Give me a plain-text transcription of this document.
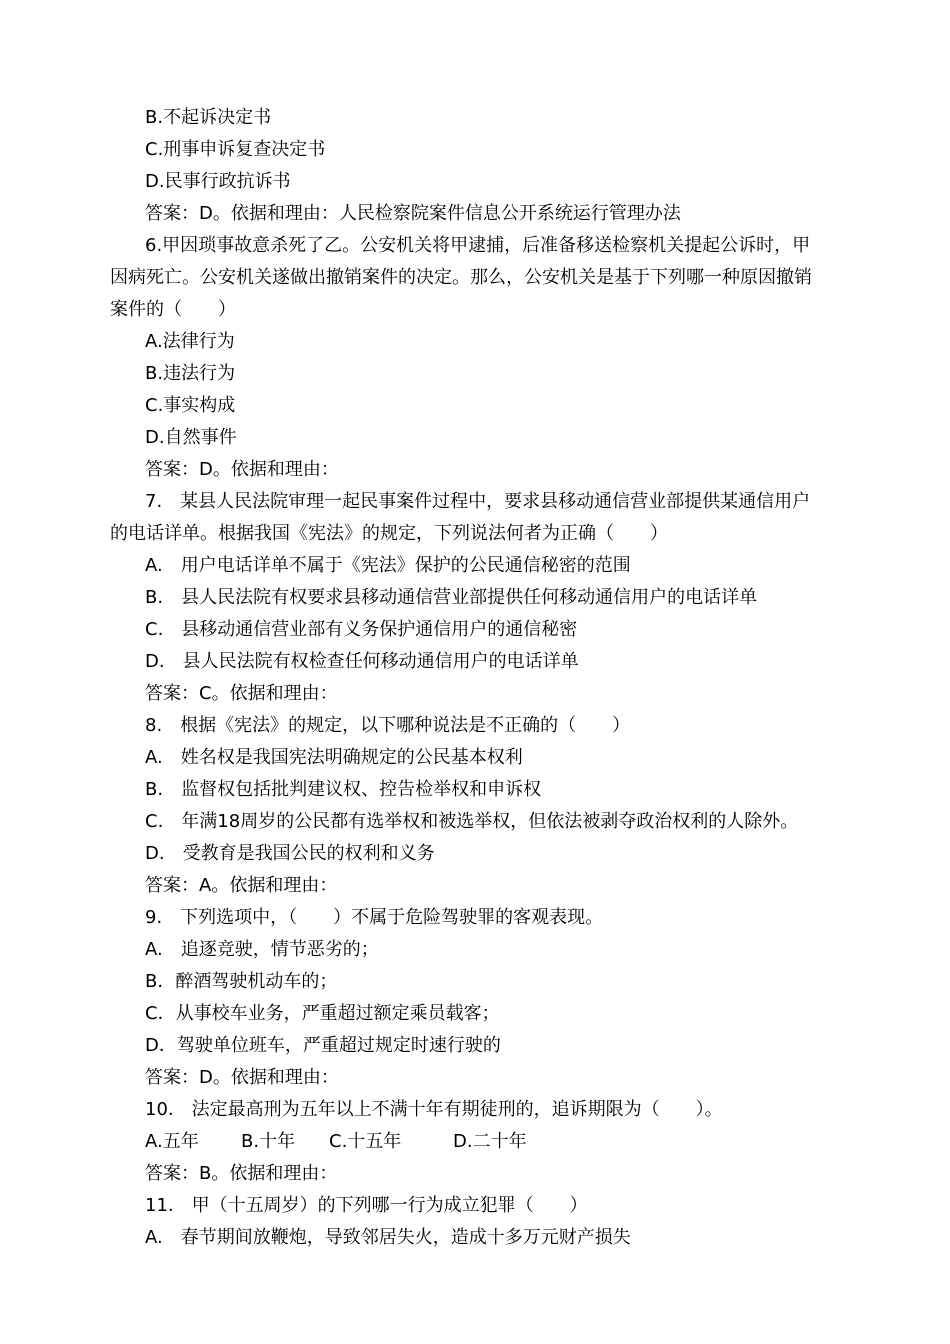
B.不起诉决定书
C.刑事申诉复查决定书
D.民事行政抗诉书
答案：D。依据和理由：人民检察院案件信息公开系统运行管理办法
6.甲因琐事故意杀死了乙。公安机关将甲逮捕，后准备移送检察机关提起公诉时，甲
因病死亡。公安机关遂做出撤销案件的决定。那么，公安机关是基于下列哪一种原因撤销
案件的（　　）
A.法律行为
B.违法行为
C.事实构成
D.自然事件
答案：D。依据和理由：
7.　某县人民法院审理一起民事案件过程中，要求县移动通信营业部提供某通信用户
的电话详单。根据我国《宪法》的规定，下列说法何者为正确（　　）
A.　用户电话详单不属于《宪法》保护的公民通信秘密的范围
B.　县人民法院有权要求县移动通信营业部提供任何移动通信用户的电话详单
C.　县移动通信营业部有义务保护通信用户的通信秘密
D.　县人民法院有权检查任何移动通信用户的电话详单
答案：C。依据和理由：
8.　根据《宪法》的规定，以下哪种说法是不正确的（　　）
A.　姓名权是我国宪法明确规定的公民基本权利
B.　监督权包括批判建议权、控告检举权和申诉权
C.　年满18周岁的公民都有选举权和被选举权，但依法被剥夺政治权利的人除外。
D.　受教育是我国公民的权利和义务
答案：A。依据和理由：
9.　下列选项中，（　　）不属于危险驾驶罪的客观表现。
A.　追逐竞驶，情节恶劣的；
B．醉酒驾驶机动车的；
C．从事校车业务，严重超过额定乘员载客；
D．驾驶单位班车，严重超过规定时速行驶的
答案：D。依据和理由：
10.　法定最高刑为五年以上不满十年有期徒刑的，追诉期限为（　　）。
A.五年 B.十年 C.十五年	D.二十年
答案：B。依据和理由：
11.　甲（十五周岁）的下列哪一行为成立犯罪（　　）
A.　春节期间放鞭炮，导致邻居失火，造成十多万元财产损失
